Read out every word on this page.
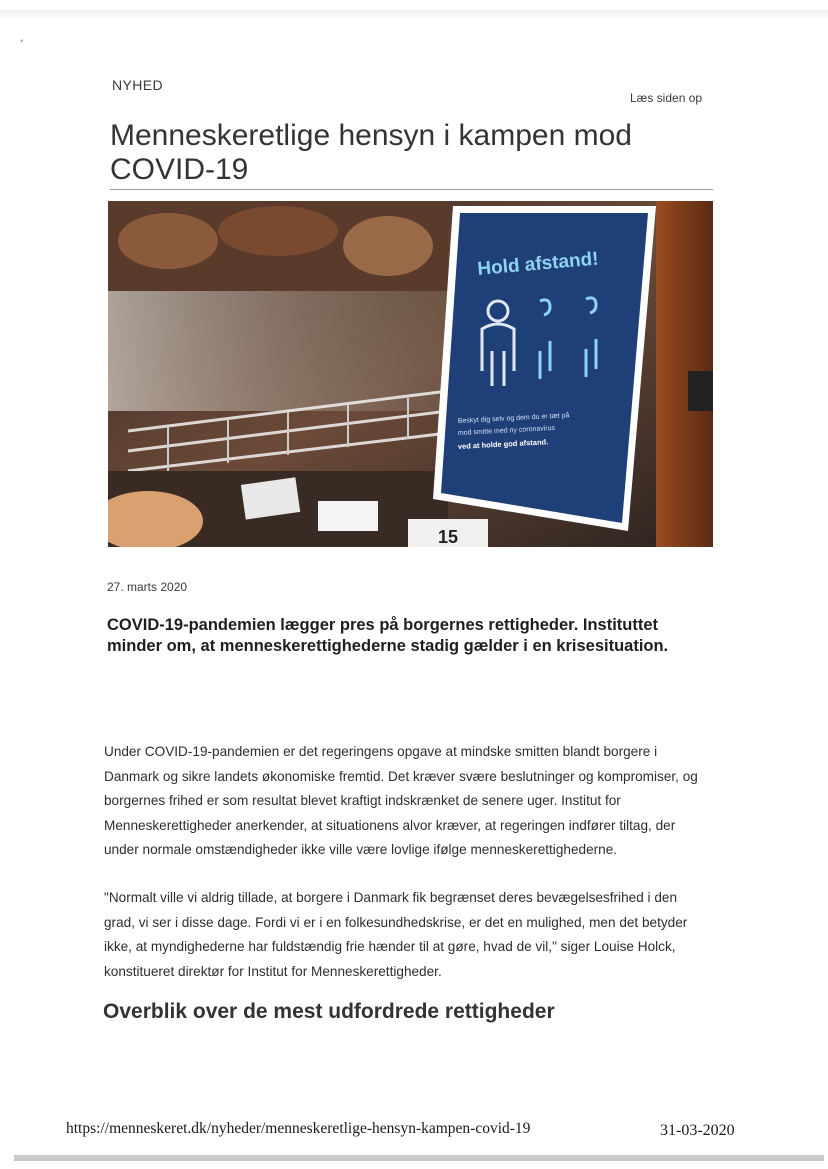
▪
NYHED
Læs siden op
Menneskeretlige hensyn i kampen mod COVID-19
15
Hold afstand!
Beskyt dig selv og dem du er tæt på
mod smitte med ny coronavirus
ved at holde god afstand.
27. marts 2020

COVID-19-pandemien lægger pres på borgernes rettigheder. Instituttet minder om, at menneskerettighederne stadig gælder i en krisesituation.

Under COVID-19-pandemien er det regeringens opgave at mindske smitten blandt borgere i Danmark og sikre landets økonomiske fremtid. Det kræver svære beslutninger og kompromiser, og borgernes frihed er som resultat blevet kraftigt indskrænket de senere uger. Institut for Menneskerettigheder anerkender, at situationens alvor kræver, at regeringen indfører tiltag, der under normale omstændigheder ikke ville være lovlige ifølge menneskerettighederne.

"Normalt ville vi aldrig tillade, at borgere i Danmark fik begrænset deres bevægelsesfrihed i den grad, vi ser i disse dage. Fordi vi er i en folkesundhedskrise, er det en mulighed, men det betyder ikke, at myndighederne har fuldstændig frie hænder til at gøre, hvad de vil," siger Louise Holck, konstitueret direktør for Institut for Menneskerettigheder.

Overblik over de mest udfordrede rettigheder
https://menneskeret.dk/nyheder/menneskeretlige-hensyn-kampen-covid-19	31-03-2020
